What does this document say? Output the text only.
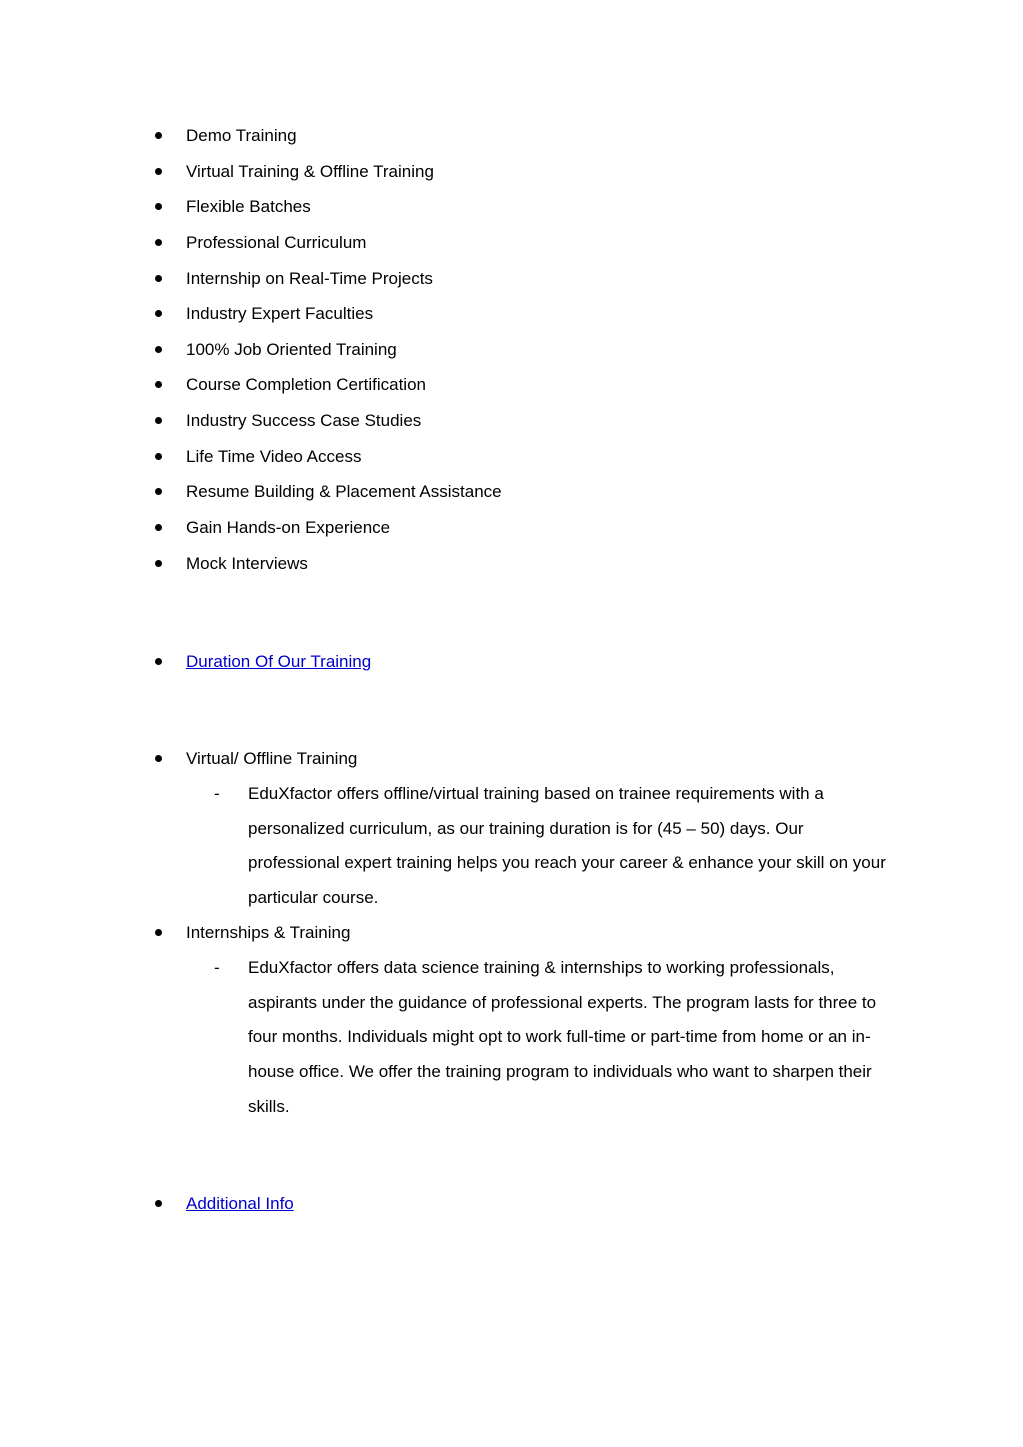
Demo Training
Virtual Training & Offline Training
Flexible Batches
Professional Curriculum
Internship on Real-Time Projects
Industry Expert Faculties
100% Job Oriented Training
Course Completion Certification
Industry Success Case Studies
Life Time Video Access
Resume Building & Placement Assistance
Gain Hands-on Experience
Mock Interviews
Duration Of Our Training
Virtual/ Offline Training
-	EduXfactor offers offline/virtual training based on trainee requirements with a personalized curriculum, as our training duration is for (45 – 50) days. Our professional expert training helps you reach your career & enhance your skill on your particular course.

Internships & Training
-	EduXfactor offers data science training & internships to working professionals, aspirants under the guidance of professional experts. The program lasts for three to four months. Individuals might opt to work full-time or part-time from home or an in-house office. We offer the training program to individuals who want to sharpen their skills.

Additional Info
